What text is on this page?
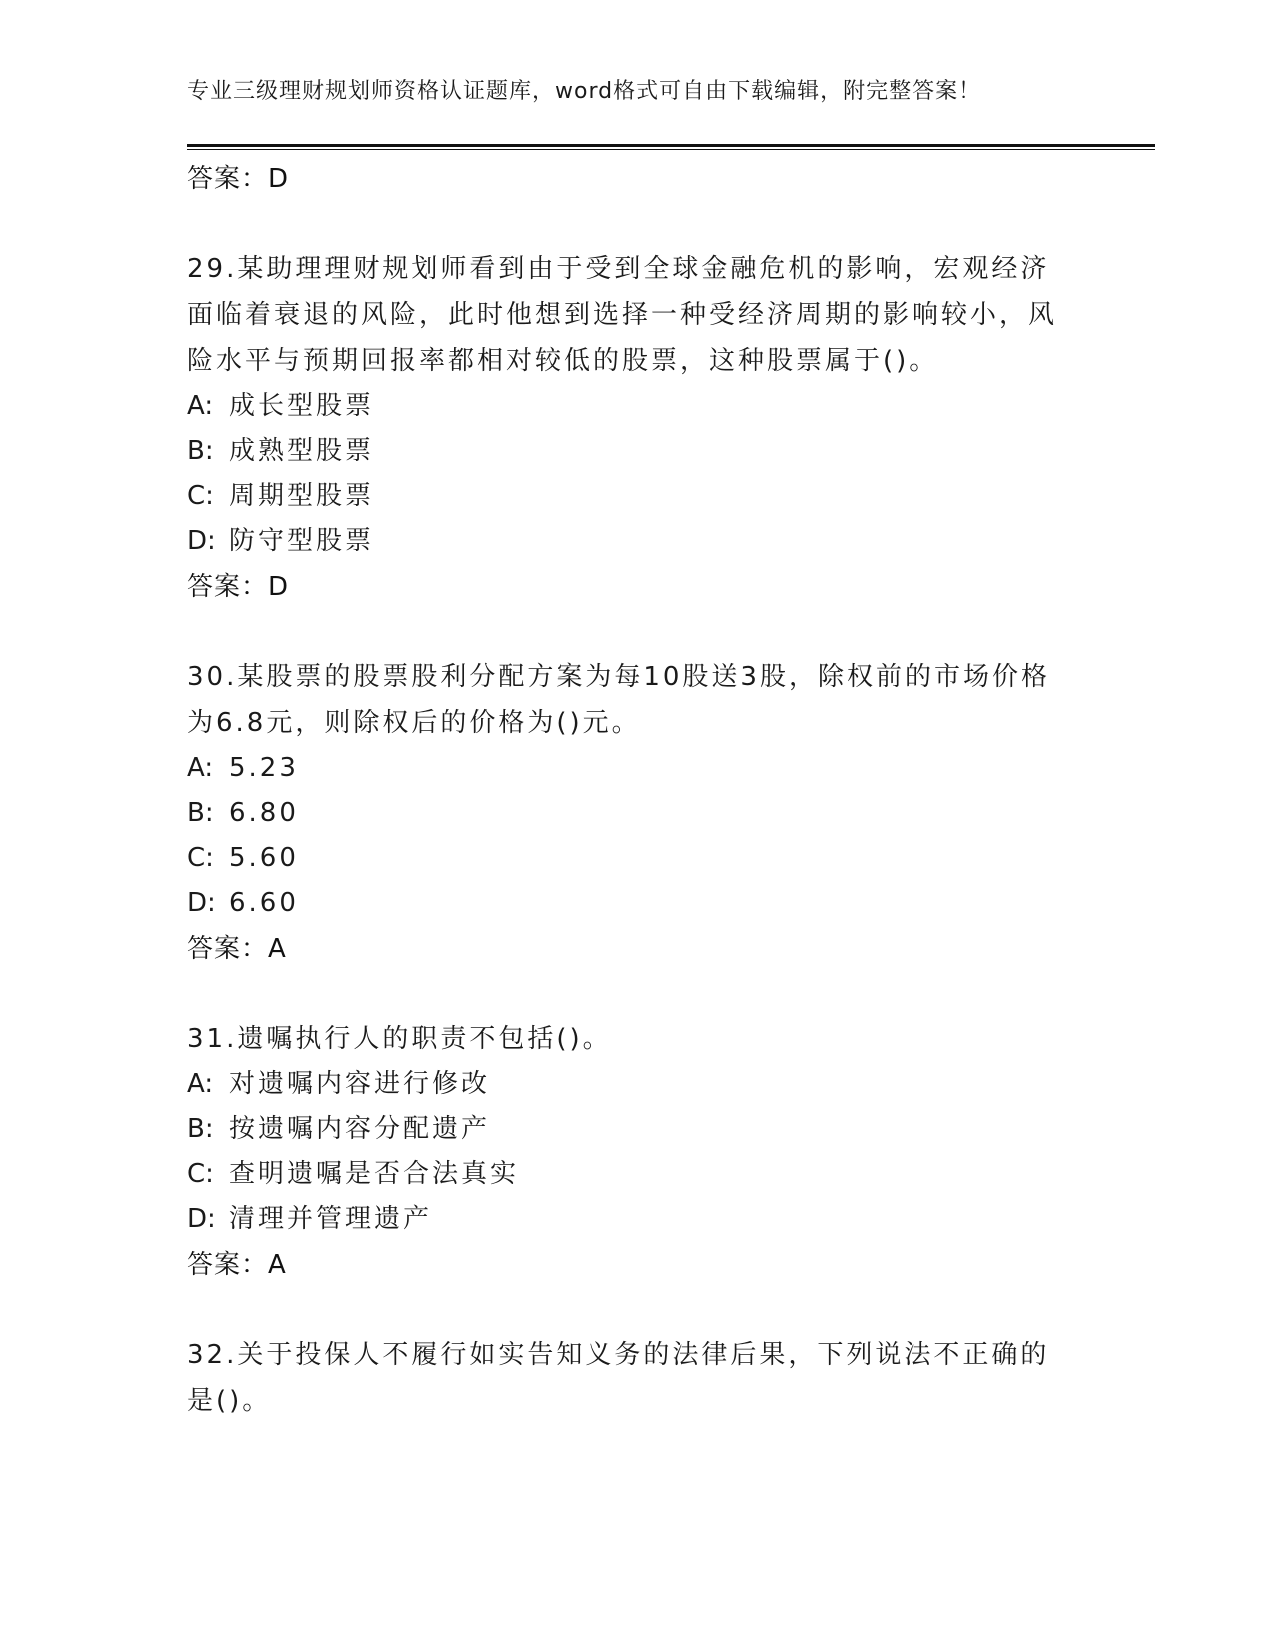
专业三级理财规划师资格认证题库，word格式可自由下载编辑，附完整答案！
答案：D
29.某助理理财规划师看到由于受到全球金融危机的影响，宏观经济面临着衰退的风险，此时他想到选择一种受经济周期的影响较小，风险水平与预期回报率都相对较低的股票，这种股票属于()。
A: 成长型股票
B: 成熟型股票
C: 周期型股票
D: 防守型股票
答案：D
30.某股票的股票股利分配方案为每10股送3股，除权前的市场价格为6.8元，则除权后的价格为()元。
A: 5.23
B: 6.80
C: 5.60
D: 6.60
答案：A
31.遗嘱执行人的职责不包括()。
A: 对遗嘱内容进行修改
B: 按遗嘱内容分配遗产
C: 查明遗嘱是否合法真实
D: 清理并管理遗产
答案：A
32.关于投保人不履行如实告知义务的法律后果，下列说法不正确的是()。
